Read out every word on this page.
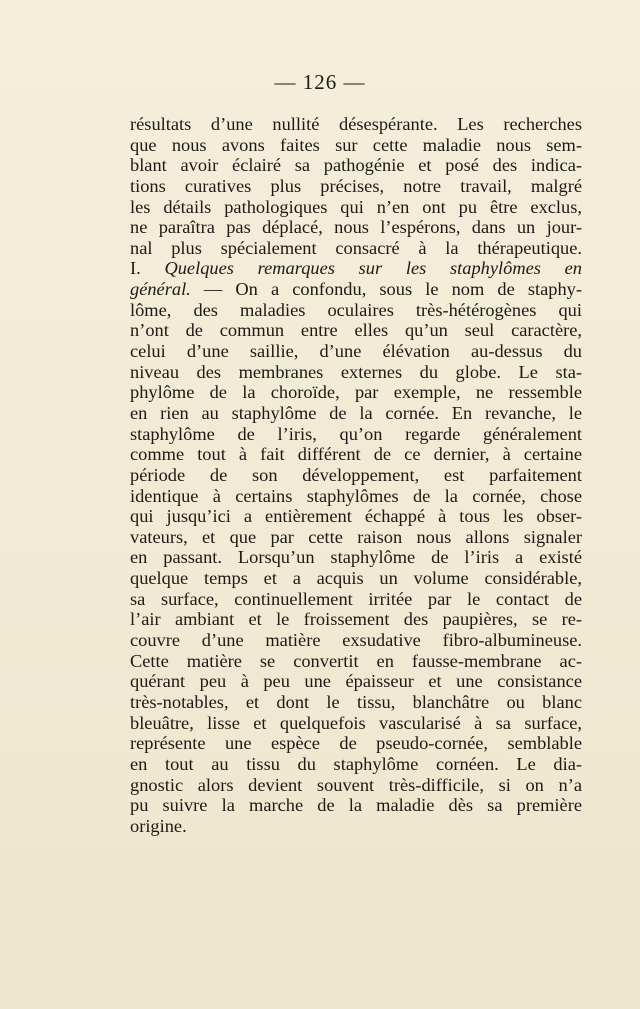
— 126 —
résultats d’une nullité désespérante. Les recherches
que nous avons faites sur cette maladie nous sem-
blant avoir éclairé sa pathogénie et posé des indica-
tions curatives plus précises, notre travail, malgré
les détails pathologiques qui n’en ont pu être exclus,
ne paraîtra pas déplacé, nous l’espérons, dans un jour-
nal plus spécialement consacré à la thérapeutique.
I. Quelques remarques sur les staphylômes en
général. — On a confondu, sous le nom de staphy-
lôme, des maladies oculaires très-hétérogènes qui
n’ont de commun entre elles qu’un seul caractère,
celui d’une saillie, d’une élévation au-dessus du
niveau des membranes externes du globe. Le sta-
phylôme de la choroïde, par exemple, ne ressemble
en rien au staphylôme de la cornée. En revanche, le
staphylôme de l’iris, qu’on regarde généralement
comme tout à fait différent de ce dernier, à certaine
période de son développement, est parfaitement
identique à certains staphylômes de la cornée, chose
qui jusqu’ici a entièrement échappé à tous les obser-
vateurs, et que par cette raison nous allons signaler
en passant. Lorsqu’un staphylôme de l’iris a existé
quelque temps et a acquis un volume considérable,
sa surface, continuellement irritée par le contact de
l’air ambiant et le froissement des paupières, se re-
couvre d’une matière exsudative fibro-albumineuse.
Cette matière se convertit en fausse-membrane ac-
quérant peu à peu une épaisseur et une consistance
très-notables, et dont le tissu, blanchâtre ou blanc
bleuâtre, lisse et quelquefois vascularisé à sa surface,
représente une espèce de pseudo-cornée, semblable
en tout au tissu du staphylôme cornéen. Le dia-
gnostic alors devient souvent très-difficile, si on n’a
pu suivre la marche de la maladie dès sa première
origine.
